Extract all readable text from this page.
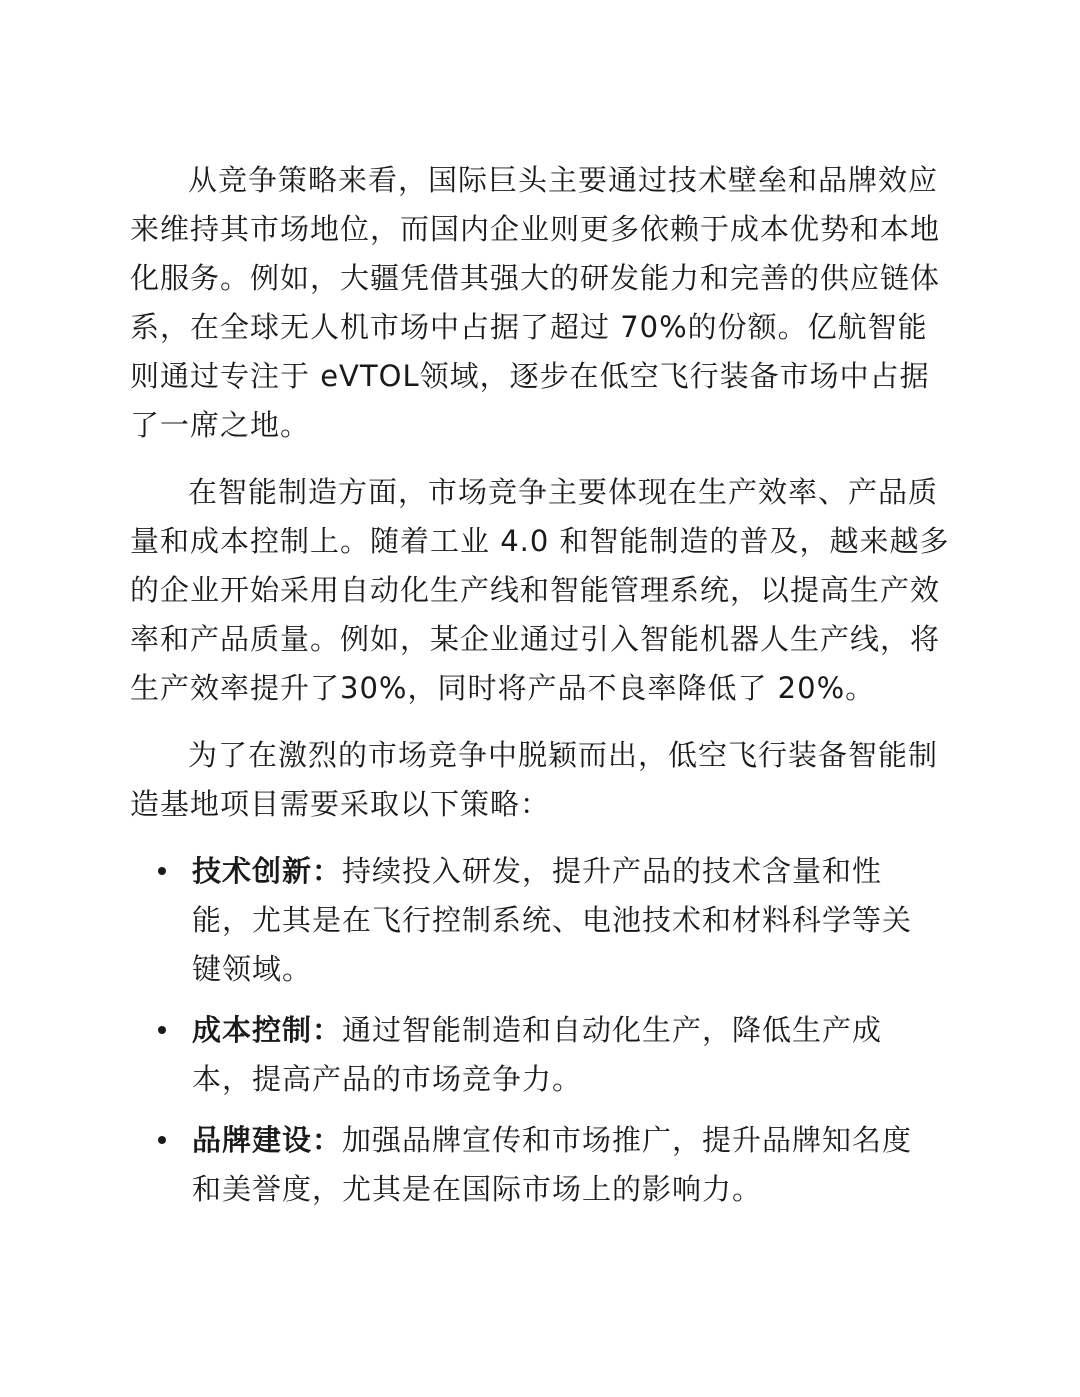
从竞争策略来看，国际巨头主要通过技术壁垒和品牌效应来维持其市场地位，而国内企业则更多依赖于成本优势和本地化服务。例如，大疆凭借其强大的研发能力和完善的供应链体系，在全球无人机市场中占据了超过 70%的份额。亿航智能则通过专注于 eVTOL领域，逐步在低空飞行装备市场中占据了一席之地。

在智能制造方面，市场竞争主要体现在生产效率、产品质量和成本控制上。随着工业 4.0 和智能制造的普及，越来越多的企业开始采用自动化生产线和智能管理系统，以提高生产效率和产品质量。例如，某企业通过引入智能机器人生产线，将生产效率提升了30%，同时将产品不良率降低了 20%。

为了在激烈的市场竞争中脱颖而出，低空飞行装备智能制造基地项目需要采取以下策略：

技术创新：持续投入研发，提升产品的技术含量和性能，尤其是在飞行控制系统、电池技术和材料科学等关键领域。
成本控制：通过智能制造和自动化生产，降低生产成本，提高产品的市场竞争力。
品牌建设：加强品牌宣传和市场推广，提升品牌知名度和美誉度，尤其是在国际市场上的影响力。
